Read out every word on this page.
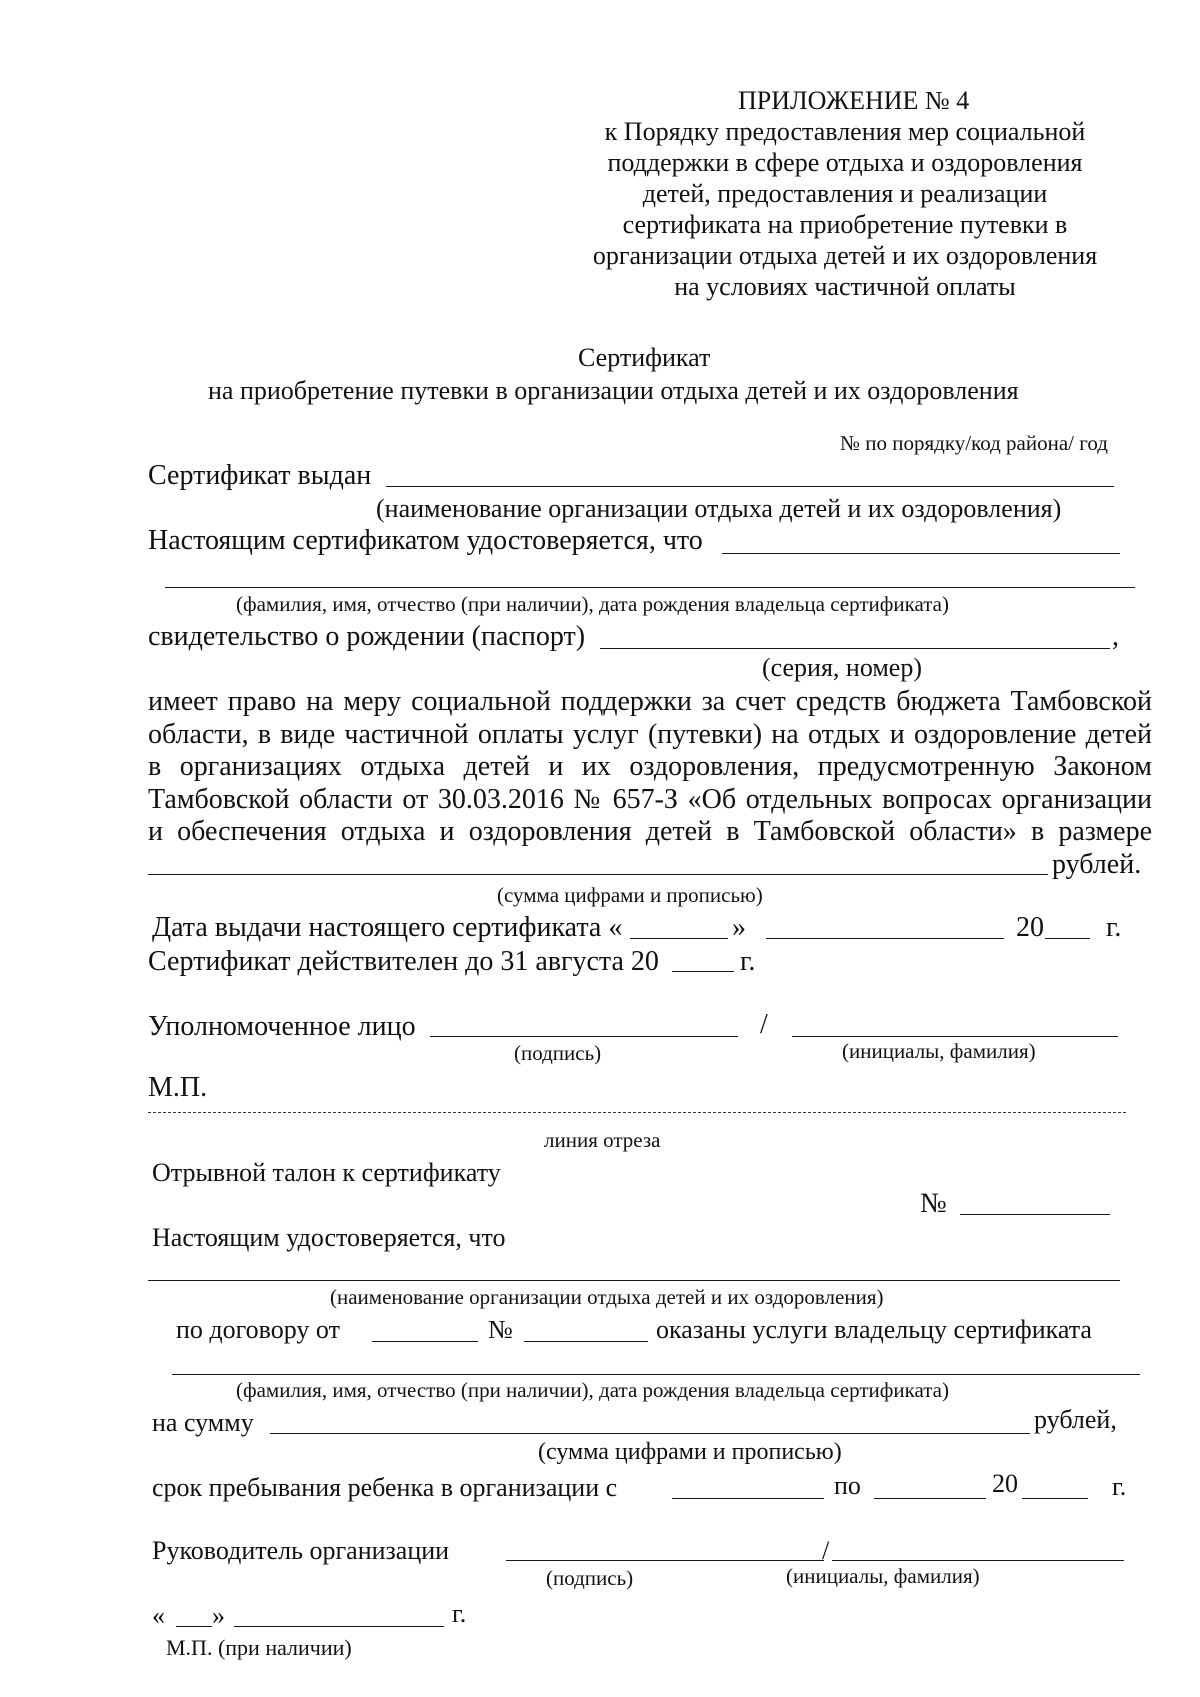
ПРИЛОЖЕНИЕ № 4
к Порядку предоставления мер социальной
поддержки в сфере отдыха и оздоровления
детей, предоставления и реализации
сертификата на приобретение путевки в
организации отдыха детей и их оздоровления
на условиях частичной оплаты
Сертификат
на приобретение путевки в организации отдыха детей и их оздоровления
№ по порядку/код района/ год
Сертификат выдан
(наименование организации отдыха детей и их оздоровления)
Настоящим сертификатом удостоверяется, что
(фамилия, имя, отчество (при наличии), дата рождения владельца сертификата)
свидетельство о рождении (паспорт)	,
(серия, номер)
имеет право на меру социальной поддержки за счет средств бюджета Тамбовской
области, в виде частичной оплаты услуг (путевки) на отдых и оздоровление детей
в организациях отдыха детей и их оздоровления, предусмотренную Законом
Тамбовской области от 30.03.2016 № 657-З «Об отдельных вопросах организации
и обеспечения отдыха и оздоровления детей в Тамбовской области» в размере
рублей.
(сумма цифрами и прописью)
Дата выдачи настоящего сертификата «	»	20 г.
Сертификат действителен до 31 августа 20	г.
Уполномоченное лицо	/
(подпись)	(инициалы, фамилия)
М.П.
линия отреза
Отрывной талон к сертификату
№
Настоящим удостоверяется, что
(наименование организации отдыха детей и их оздоровления)
по договору от	№	оказаны услуги владельцу сертификата
(фамилия, имя, отчество (при наличии), дата рождения владельца сертификата)
на сумму	рублей,
(сумма цифрами и прописью)
срок пребывания ребенка в организации с	по	20	г.
Руководитель организации	/
(подпись)	(инициалы, фамилия)
« »	г.
М.П. (при наличии)
